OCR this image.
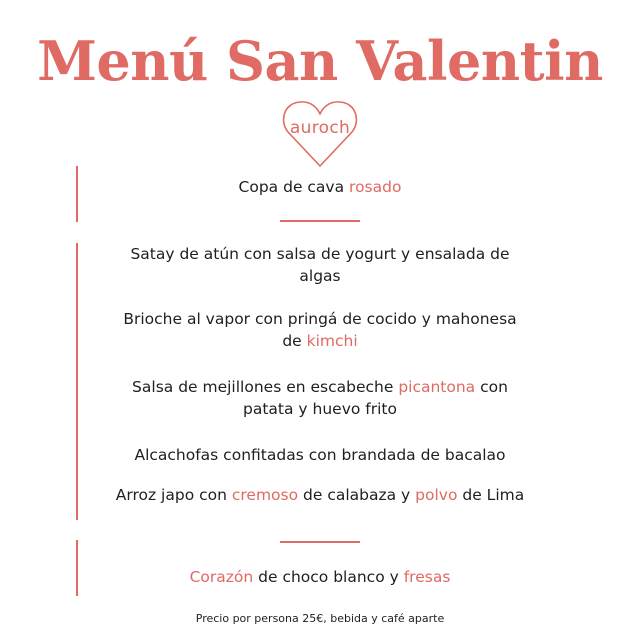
Menú San Valentin
auroch
Copa de cava rosado
Satay de atún con salsa de yogurt y ensalada de
algas
Brioche al vapor con pringá de cocido y mahonesa
de kimchi
Salsa de mejillones en escabeche picantona con
patata y huevo frito
Alcachofas confitadas con brandada de bacalao
Arroz japo con cremoso de calabaza y polvo de Lima
Corazón de choco blanco y fresas
Precio por persona 25€, bebida y café aparte
